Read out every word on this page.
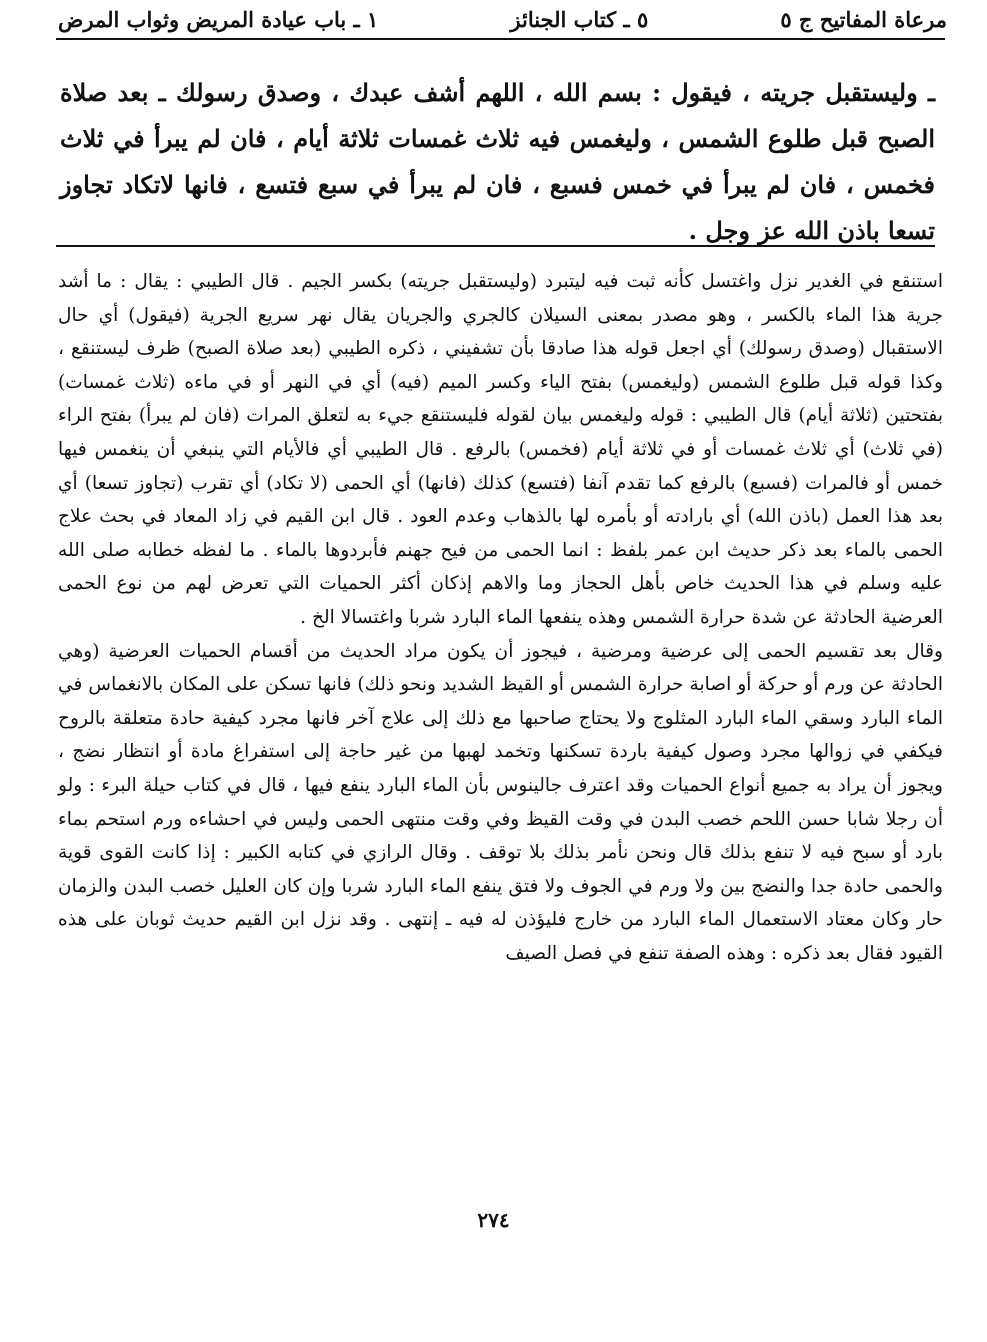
مرعاة المفاتيح ج ٥
٥ ـ كتاب الجنائز
١ ـ باب عيادة المريض وثواب المرض
ـ وليستقبل جريته ، فيقول : بسم الله ، اللهم أشف عبدك ، وصدق رسولك ـ بعد صلاة الصبح قبل طلوع الشمس ، وليغمس فيه ثلاث غمسات ثلاثة أيام ، فان لم يبرأ في ثلاث فخمس ، فان لم يبرأ في خمس فسبع ، فان لم يبرأ في سبع فتسع ، فانها لاتكاد تجاوز تسعا باذن الله عز وجل .

استنقع في الغدير نزل واغتسل كأنه ثبت فيه ليتبرد (وليستقبل جريته) بكسر الجيم . قال الطيبي : يقال : ما أشد جرية هذا الماء بالكسر ، وهو مصدر بمعنى السيلان كالجري والجريان يقال نهر سريع الجرية (فيقول) أي حال الاستقبال (وصدق رسولك) أي اجعل قوله هذا صادقا بأن تشفيني ، ذكره الطيبي (بعد صلاة الصبح) ظرف ليستنقع ، وكذا قوله قبل طلوع الشمس (وليغمس) بفتح الياء وكسر الميم (فيه) أي في النهر أو في ماءه (ثلاث غمسات) بفتحتين (ثلاثة أيام) قال الطيبي : قوله وليغمس بيان لقوله فليستنقع جيء به لتعلق المرات (فان لم يبرأ) بفتح الراء (في ثلاث) أي ثلاث غمسات أو في ثلاثة أيام (فخمس) بالرفع . قال الطيبي أي فالأيام التي ينبغي أن ينغمس فيها خمس أو فالمرات (فسبع) بالرفع كما تقدم آنفا (فتسع) كذلك (فانها) أي الحمى (لا تكاد) أي تقرب (تجاوز تسعا) أي بعد هذا العمل (باذن الله) أي بارادته أو بأمره لها بالذهاب وعدم العود . قال ابن القيم في زاد المعاد في بحث علاج الحمى بالماء بعد ذكر حديث ابن عمر بلفظ : انما الحمى من فيح جهنم فأبردوها بالماء . ما لفظه خطابه صلى الله عليه وسلم في هذا الحديث خاص بأهل الحجاز وما والاهم إذكان أكثر الحميات التي تعرض لهم من نوع الحمى العرضية الحادثة عن شدة حرارة الشمس وهذه ينفعها الماء البارد شربا واغتسالا الخ .

وقال بعد تقسيم الحمى إلى عرضية ومرضية ، فيجوز أن يكون مراد الحديث من أقسام الحميات العرضية (وهي الحادثة عن ورم أو حركة أو اصابة حرارة الشمس أو القيظ الشديد ونحو ذلك) فانها تسكن على المكان بالانغماس في الماء البارد وسقي الماء البارد المثلوج ولا يحتاج صاحبها مع ذلك إلى علاج آخر فانها مجرد كيفية حادة متعلقة بالروح فيكفي في زوالها مجرد وصول كيفية باردة تسكنها وتخمد لهبها من غير حاجة إلى استفراغ مادة أو انتظار نضج ، ويجوز أن يراد به جميع أنواع الحميات وقد اعترف جالينوس بأن الماء البارد ينفع فيها ، قال في كتاب حيلة البرء : ولو أن رجلا شابا حسن اللحم خصب البدن في وقت القيظ وفي وقت منتهى الحمى وليس في احشاءه ورم استحم بماء بارد أو سبح فيه لا تنفع بذلك قال ونحن نأمر بذلك بلا توقف . وقال الرازي في كتابه الكبير : إذا كانت القوى قوية والحمى حادة جدا والنضج بين ولا ورم في الجوف ولا فتق ينفع الماء البارد شربا وإن كان العليل خصب البدن والزمان حار وكان معتاد الاستعمال الماء البارد من خارج فليؤذن له فيه ـ إنتهى . وقد نزل ابن القيم حديث ثوبان على هذه القيود فقال بعد ذكره : وهذه الصفة تنفع في فصل الصيف

٢٧٤
